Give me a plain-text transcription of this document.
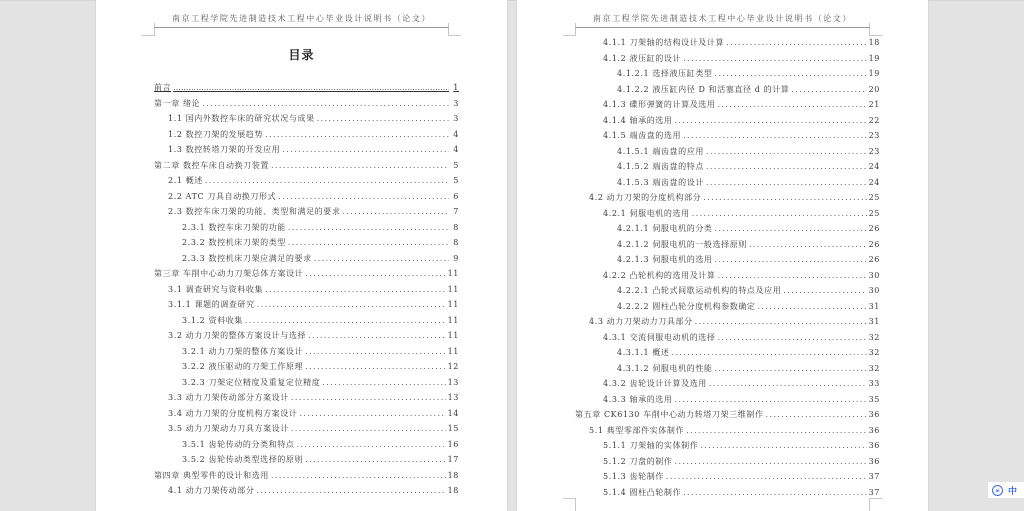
南京工程学院先进制造技术工程中心毕业设计说明书（论文）
目录
前言 .....	1
第一章 绪论 .....	3
1.1 国内外数控车床的研究状况与成果 .....	3
1.2 数控刀架的发展趋势 .....	4
1.3 数控转塔刀架的开发应用 .....	4
第二章 数控车床自动换刀装置 .....	5
2.1 概述 .....	5
2.2 ATC 刀具自动换刀形式 .....	6
2.3 数控车床刀架的功能、类型和满足的要求 .....	7
2.3.1 数控车床刀架的功能 .....	8
2.3.2 数控机床刀架的类型 .....	8
2.3.3 数控机床刀架应满足的要求 .....	9
第三章 车削中心动力刀架总体方案设计 .....	11
3.1 调查研究与资料收集 .....	11
3.1.1 课题的调查研究 .....	11
3.1.2 资料收集 .....	11
3.2 动力刀架的整体方案设计与选择 .....	11
3.2.1 动力刀架的整体方案设计 .....	11
3.2.2 液压驱动的刀架工作原理 .....	12
3.2.3 刀架定位精度及重复定位精度 .....	13
3.3 动力刀架传动部分方案设计 .....	13
3.4 动力刀架的分度机构方案设计 .....	14
3.5 动力刀架动力刀具方案设计 .....	15
3.5.1 齿轮传动的分类和特点 .....	16
3.5.2 齿轮传动类型选择的原则 .....	17
第四章 典型零件的设计和选用 .....	18
4.1 动力刀架传动部分 .....	18
南京工程学院先进制造技术工程中心毕业设计说明书（论文）
4.1.1 刀架轴的结构设计及计算 .....	18
4.1.2 液压缸的设计 .....	19
4.1.2.1 选择液压缸类型 .....	19
4.1.2.2 液压缸内径 D 和活塞直径 d 的计算 .....	20
4.1.3 碟形弹簧的计算及选用 .....	21
4.1.4 轴承的选用 .....	22
4.1.5 端齿盘的选用 .....	23
4.1.5.1 端齿盘的应用 .....	23
4.1.5.2 端齿盘的特点 .....	24
4.1.5.3 端齿盘的设计 .....	24
4.2 动力刀架的分度机构部分 .....	25
4.2.1 伺服电机的选用 .....	25
4.2.1.1 伺服电机的分类 .....	26
4.2.1.2 伺服电机的一般选择原则 .....	26
4.2.1.3 伺服电机的选用 .....	26
4.2.2 凸轮机构的选用及计算 .....	30
4.2.2.1 凸轮式间歇运动机构的特点及应用 .....	30
4.2.2.2 圆柱凸轮分度机构参数确定 .....	31
4.3 动力刀架动力刀具部分 .....	31
4.3.1 交流伺服电动机的选择 .....	32
4.3.1.1 概述 .....	32
4.3.1.2 伺服电机的性能 .....	32
4.3.2 齿轮设计计算及选用 .....	33
4.3.3 轴承的选用 .....	35
第五章 CK6130 车削中心动力转塔刀架三维制作 .....	36
5.1 典型零部件实体制作 .....	36
5.1.1 刀架轴的实体制作 .....	36
5.1.2 刀盘的制作 .....	36
5.1.3 齿轮制作 .....	37
5.1.4 圆柱凸轮制作 .....	37	ai 中
